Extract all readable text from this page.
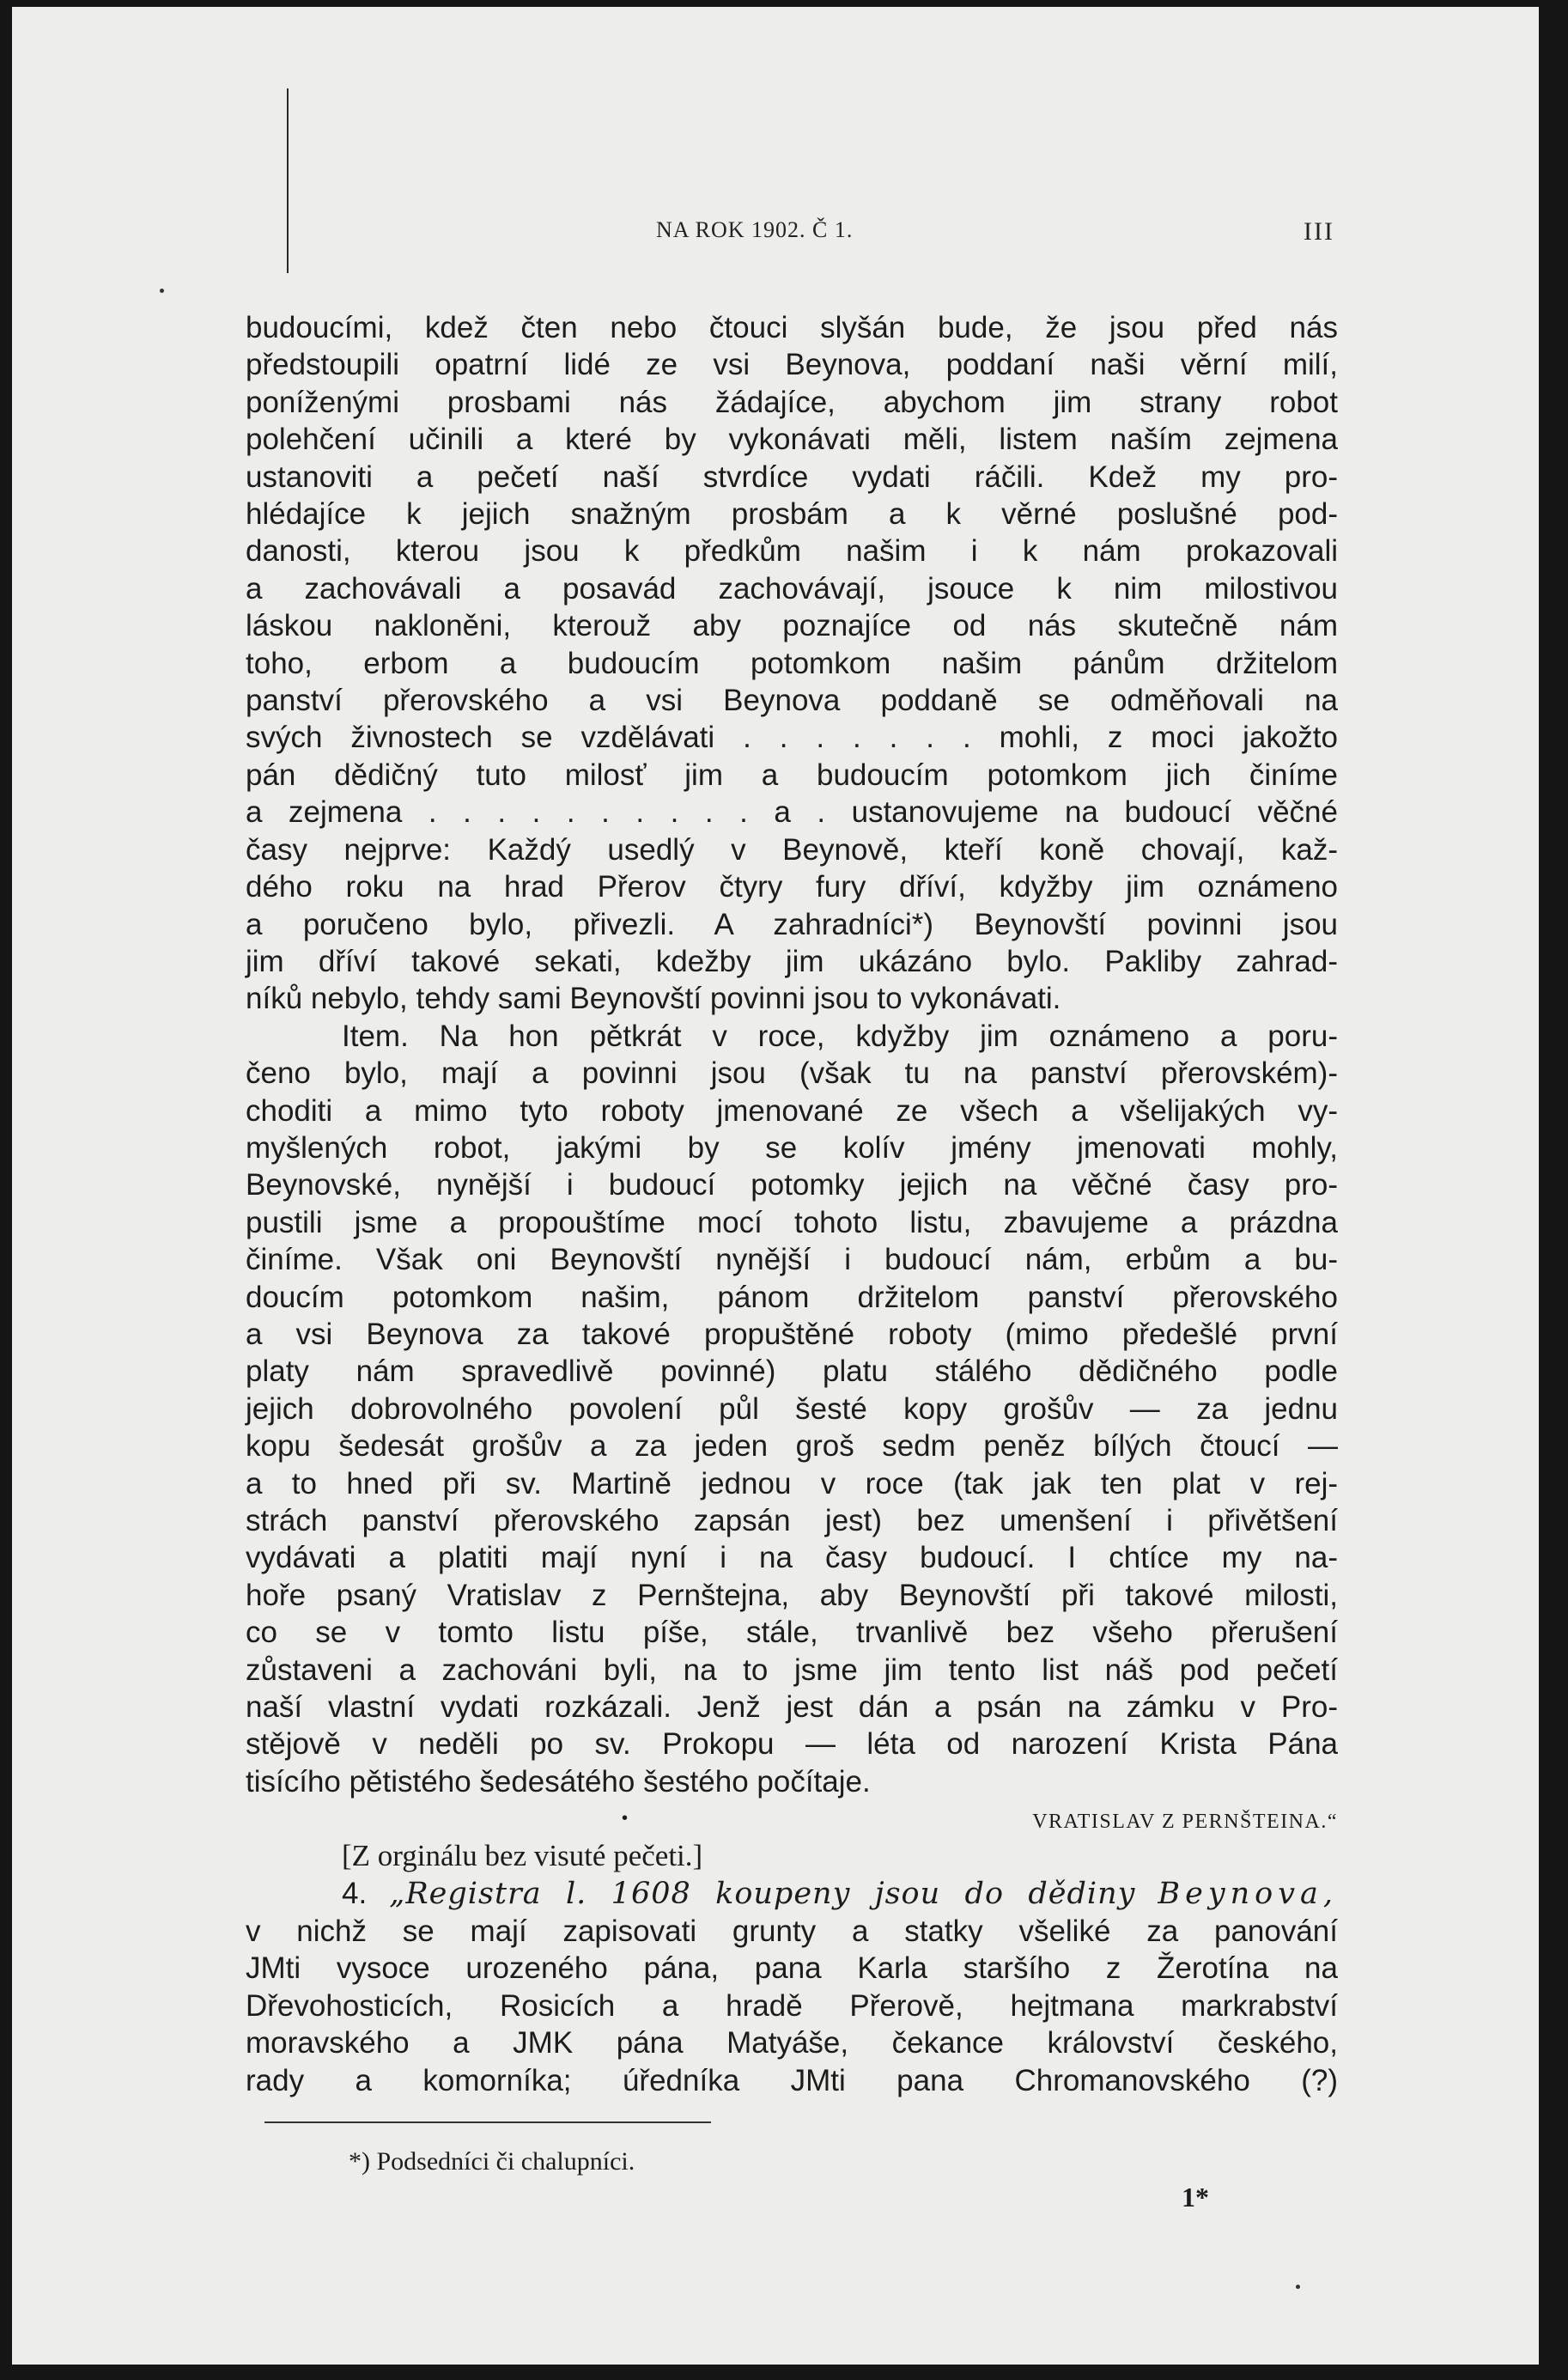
NA ROK 1902. Č 1.	III

budoucími, kdež čten nebo čtouci slyšán bude, že jsou před nás
předstoupili opatrní lidé ze vsi Beynova, poddaní naši věrní milí,
poníženými prosbami nás žádajíce, abychom jim strany robot
polehčení učinili a které by vykonávati měli, listem naším zejmena
ustanoviti a pečetí naší stvrdíce vydati ráčili. Kdež my pro-
hlédajíce k jejich snažným prosbám a k věrné poslušné pod-
danosti, kterou jsou k předkům našim i k nám prokazovali
a zachovávali a posavád zachovávají, jsouce k nim milostivou
láskou nakloněni, kterouž aby poznajíce od nás skutečně nám
toho, erbom a budoucím potomkom našim pánům držitelom
panství přerovského a vsi Beynova poddaně se odměňovali na
svých živnostech se vzdělávati . . . . . . . mohli, z moci jakožto
pán dědičný tuto milosť jim a budoucím potomkom jich činíme
a zejmena . . . . . . . . . . a . ustanovujeme na budoucí věčné
časy nejprve: Každý usedlý v Beynově, kteří koně chovají, kaž-
dého roku na hrad Přerov čtyry fury dříví, kdyžby jim oznámeno
a poručeno bylo, přivezli. A zahradníci*) Beynovští povinni jsou
jim dříví takové sekati, kdežby jim ukázáno bylo. Pakliby zahrad-
níků nebylo, tehdy sami Beynovští povinni jsou to vykonávati.

Item. Na hon pětkrát v roce, kdyžby jim oznámeno a poru-
čeno bylo, mají a povinni jsou (však tu na panství přerovském)-
choditi a mimo tyto roboty jmenované ze všech a všelijakých vy-
myšlených robot, jakými by se kolív jmény jmenovati mohly,
Beynovské, nynější i budoucí potomky jejich na věčné časy pro-
pustili jsme a propouštíme mocí tohoto listu, zbavujeme a prázdna
činíme. Však oni Beynovští nynější i budoucí nám, erbům a bu-
doucím potomkom našim, pánom držitelom panství přerovského
a vsi Beynova za takové propuštěné roboty (mimo předešlé první
platy nám spravedlivě povinné) platu stálého dědičného podle
jejich dobrovolného povolení půl šesté kopy grošův — za jednu
kopu šedesát grošův a za jeden groš sedm peněz bílých čtoucí —
a to hned při sv. Martině jednou v roce (tak jak ten plat v rej-
strách panství přerovského zapsán jest) bez umenšení i přivětšení
vydávati a platiti mají nyní i na časy budoucí. I chtíce my na-
hoře psaný Vratislav z Pernštejna, aby Beynovští při takové milosti,
co se v tomto listu píše, stále, trvanlivě bez všeho přerušení
zůstaveni a zachováni byli, na to jsme jim tento list náš pod pečetí
naší vlastní vydati rozkázali. Jenž jest dán a psán na zámku v Pro-
stějově v neděli po sv. Prokopu — léta od narození Krista Pána
tisícího pětistého šedesátého šestého počítaje.

•	VRATISLAV Z PERNŠTEINA.“

[Z orginálu bez visuté pečeti.]

4. „Registra l. 1608 koupeny jsou do dědiny Beynova,
v nichž se mají zapisovati grunty a statky všeliké za panování
JMti vysoce urozeného pána, pana Karla staršího z Žerotína na
Dřevohosticích, Rosicích a hradě Přerově, hejtmana markrabství
moravského a JMK pána Matyáše, čekance království českého,
rady a komorníka; úředníka JMti pana Chromanovského (?)

*) Podsedníci či chalupníci.
1*
